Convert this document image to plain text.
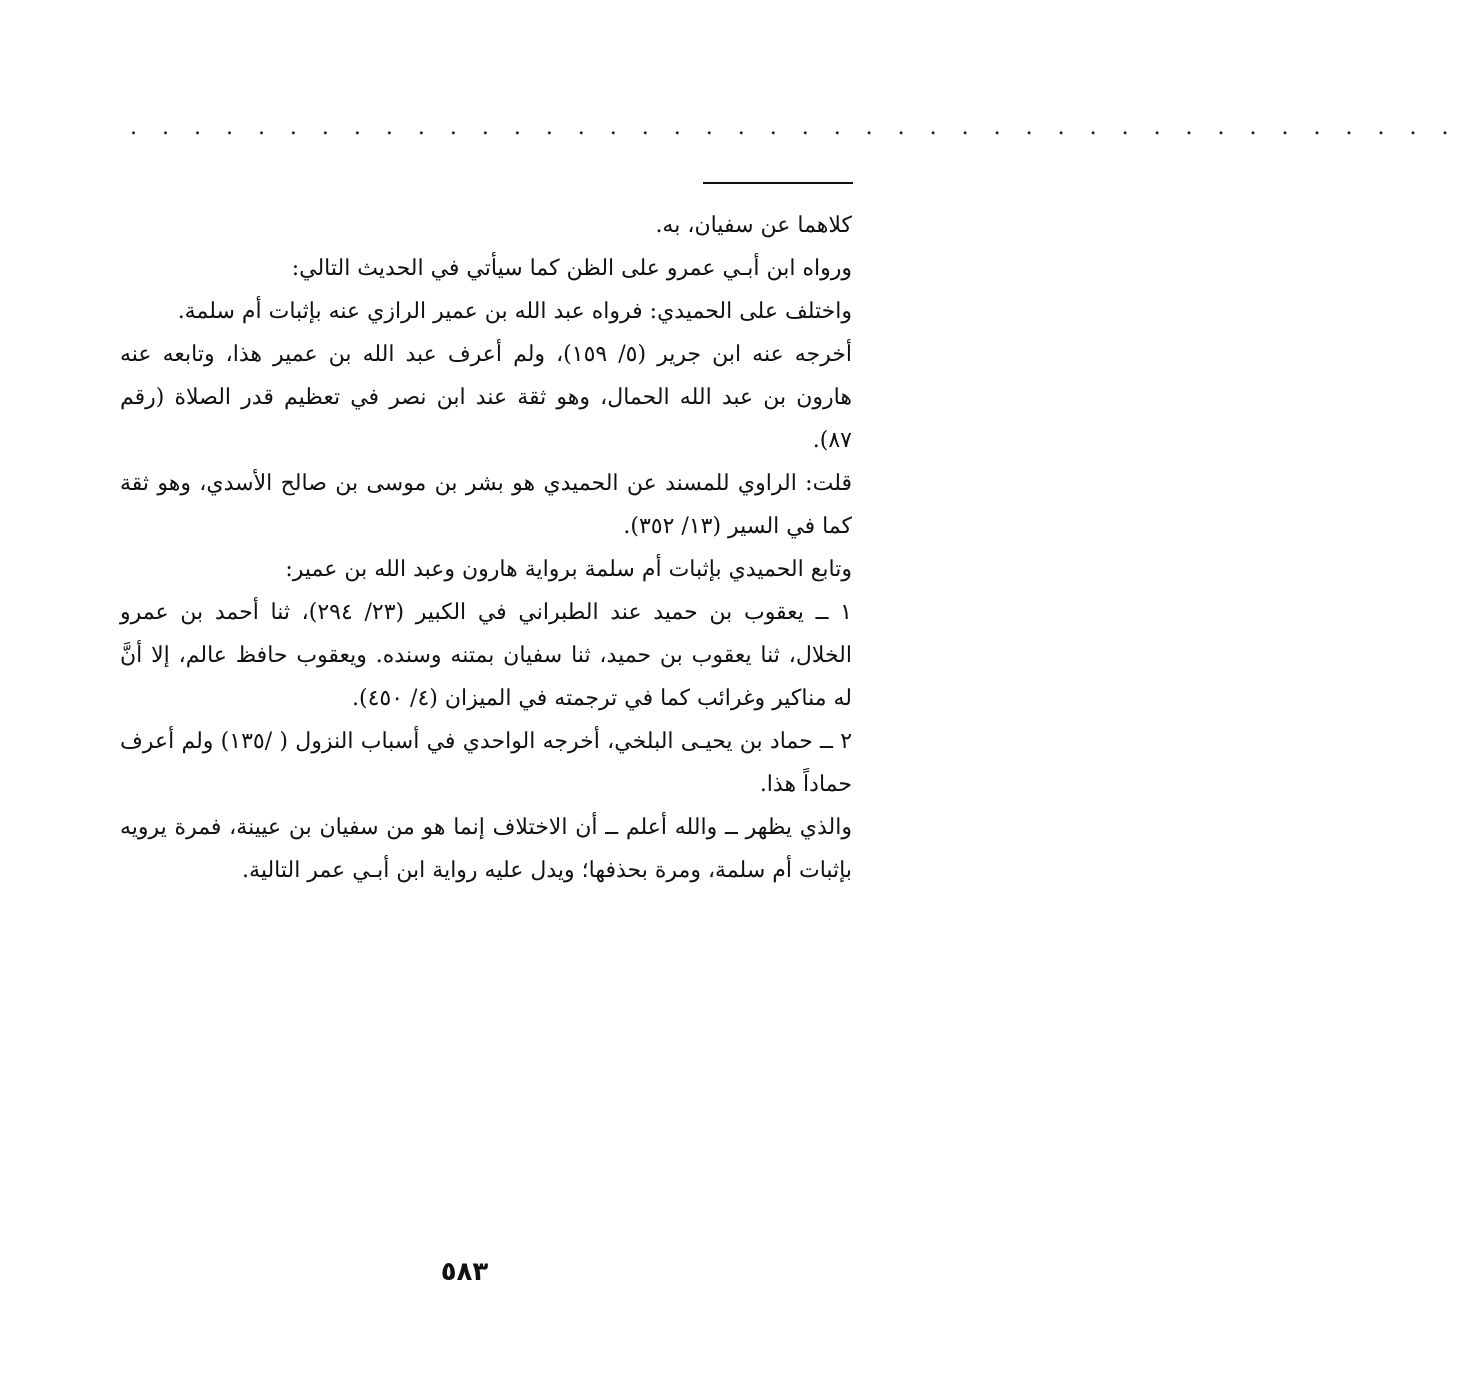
. . . . . . . . . . . . . . . . . . . . . . . . . . . . . . . . . . . . . . . . . .

كلاهما عن سفيان، به.

ورواه ابن أبـي عمرو على الظن كما سيأتي في الحديث التالي:

واختلف على الحميدي: فرواه عبد الله بن عمير الرازي عنه بإثبات أم سلمة.

أخرجه عنه ابن جرير (٥/ ١٥٩)، ولم أعرف عبد الله بن عمير هذا، وتابعه عنه هارون بن عبد الله الحمال، وهو ثقة عند ابن نصر في تعظيم قدر الصلاة (رقم ٨٧).

قلت: الراوي للمسند عن الحميدي هو بشر بن موسى بن صالح الأسدي، وهو ثقة كما في السير (١٣/ ٣٥٢).

وتابع الحميدي بإثبات أم سلمة برواية هارون وعبد الله بن عمير:

١ ــ يعقوب بن حميد عند الطبراني في الكبير (٢٣/ ٢٩٤)، ثنا أحمد بن عمرو الخلال، ثنا يعقوب بن حميد، ثنا سفيان بمتنه وسنده. ويعقوب حافظ عالم، إلا أنَّ له مناكير وغرائب كما في ترجمته في الميزان (٤/ ٤٥٠).

٢ ــ حماد بن يحيـى البلخي، أخرجه الواحدي في أسباب النزول ( /١٣٥) ولم أعرف حماداً هذا.

والذي يظهر ــ والله أعلم ــ أن الاختلاف إنما هو من سفيان بن عيينة، فمرة يرويه بإثبات أم سلمة، ومرة بحذفها؛ ويدل عليه رواية ابن أبـي عمر التالية.

٥٨٣
